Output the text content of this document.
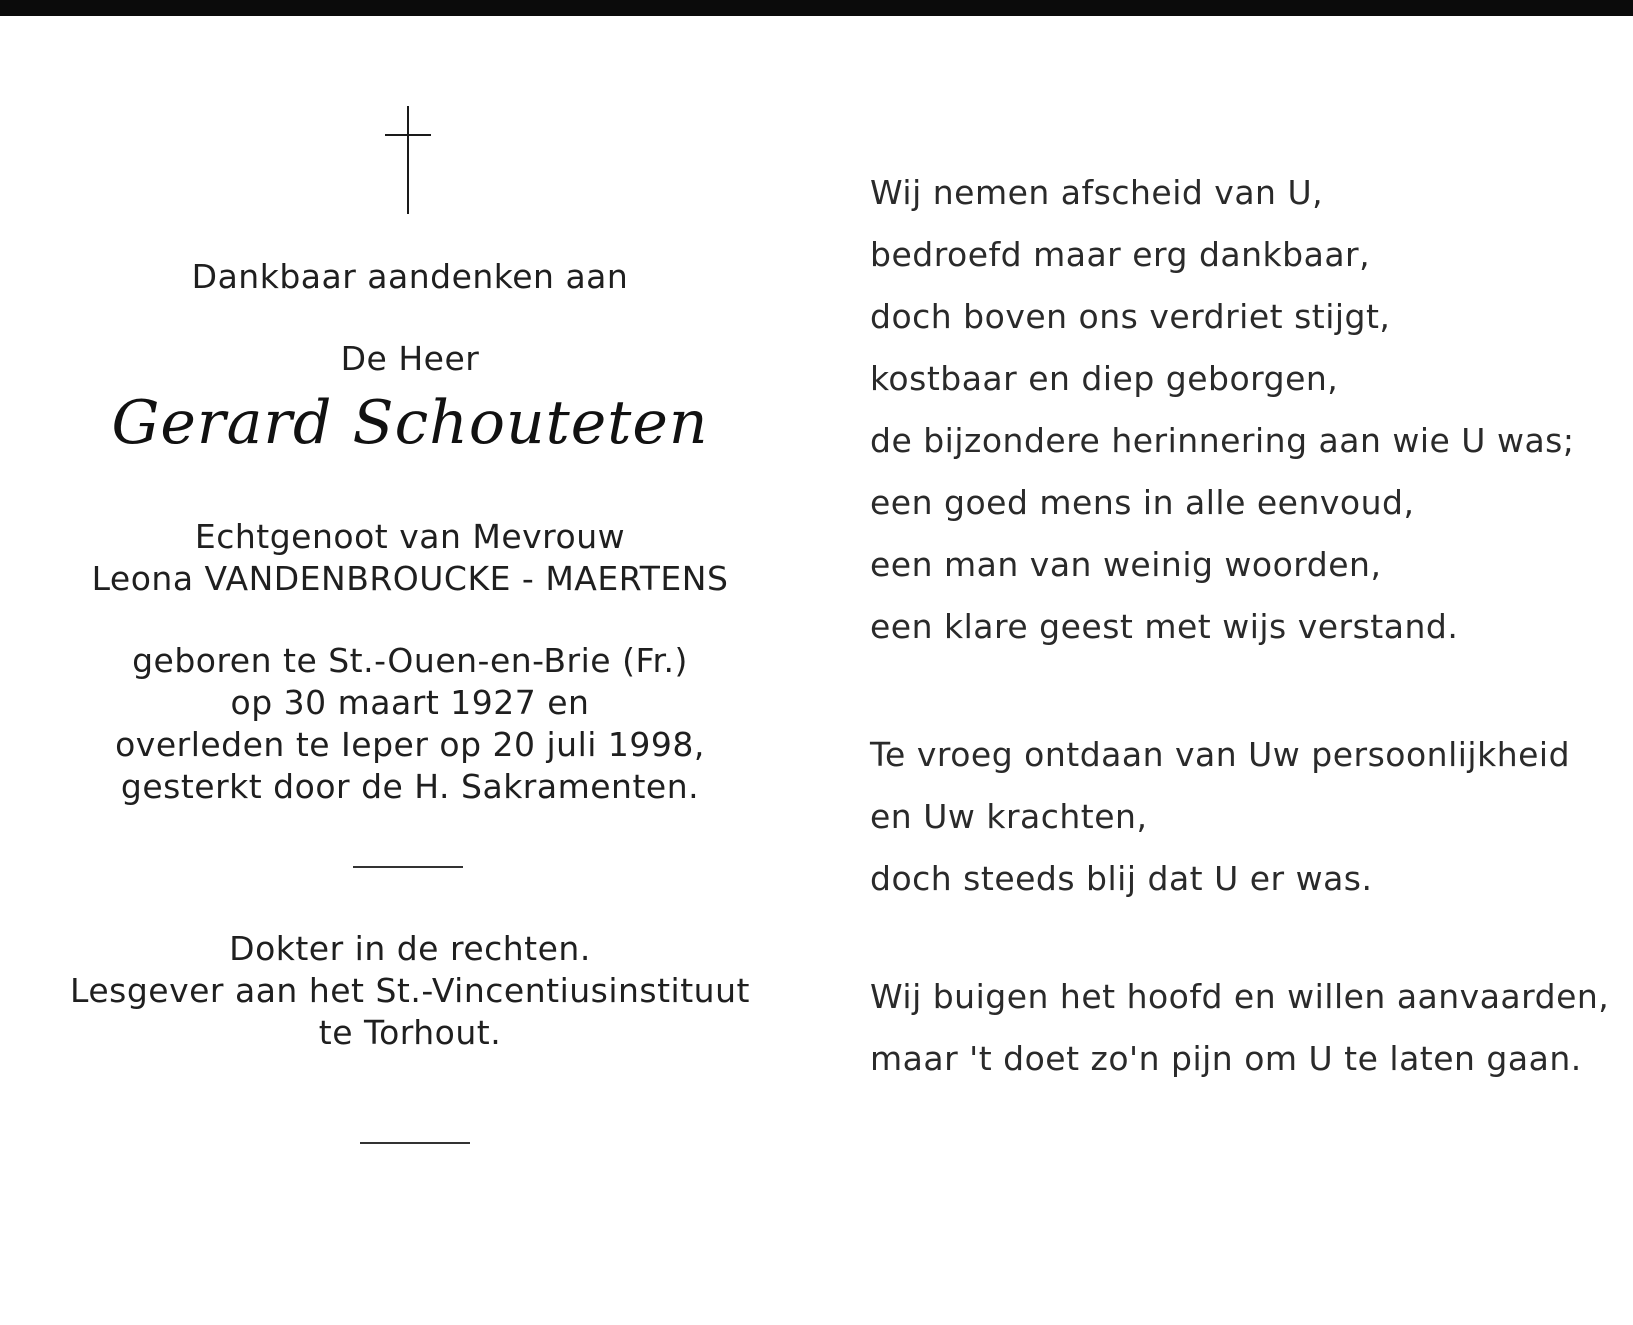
Dankbaar aandenken aan
De Heer
Gerard Schouteten
Echtgenoot van Mevrouw
Leona VANDENBROUCKE - MAERTENS
geboren te St.-Ouen-en-Brie (Fr.)
op 30 maart 1927 en
overleden te Ieper op 20 juli 1998,
gesterkt door de H. Sakramenten.
Dokter in de rechten.
Lesgever aan het St.-Vincentiusinstituut
te Torhout.
Wij nemen afscheid van U,
bedroefd maar erg dankbaar,
doch boven ons verdriet stijgt,
kostbaar en diep geborgen,
de bijzondere herinnering aan wie U was;
een goed mens in alle eenvoud,
een man van weinig woorden,
een klare geest met wijs verstand.
Te vroeg ontdaan van Uw persoonlijkheid
en Uw krachten,
doch steeds blij dat U er was.
Wij buigen het hoofd en willen aanvaarden,
maar 't doet zo'n pijn om U te laten gaan.
